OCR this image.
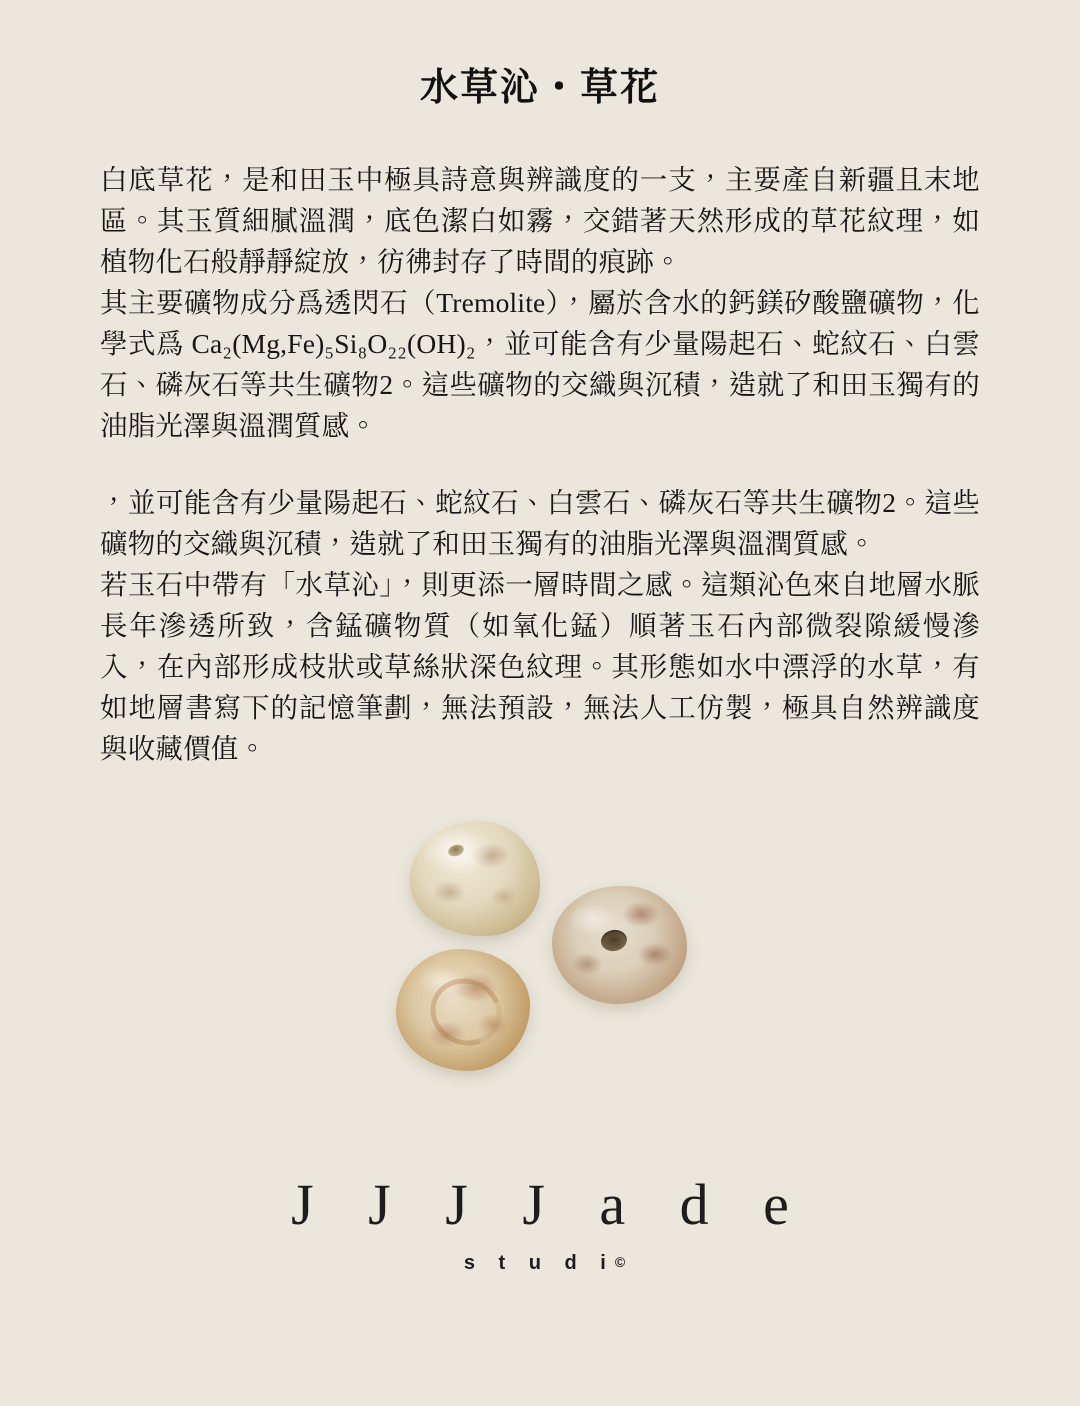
水草沁・草花

白底草花，是和田玉中極具詩意與辨識度的一支，主要產自新疆且末地區。其玉質細膩溫潤，底色潔白如霧，交錯著天然形成的草花紋理，如植物化石般靜靜綻放，彷彿封存了時間的痕跡。

其主要礦物成分爲透閃石（Tremolite），屬於含水的鈣鎂矽酸鹽礦物，化學式爲 Ca₂(Mg,Fe)₅Si₈O₂₂(OH)₂，並可能含有少量陽起石、蛇紋石、白雲石、磷灰石等共生礦物2。這些礦物的交織與沉積，造就了和田玉獨有的油脂光澤與溫潤質感。

，並可能含有少量陽起石、蛇紋石、白雲石、磷灰石等共生礦物2。這些礦物的交織與沉積，造就了和田玉獨有的油脂光澤與溫潤質感。

若玉石中帶有「水草沁」，則更添一層時間之感。這類沁色來自地層水脈長年滲透所致，含錳礦物質（如氧化錳）順著玉石內部微裂隙緩慢滲入，在內部形成枝狀或草絲狀深色紋理。其形態如水中漂浮的水草，有如地層書寫下的記憶筆劃，無法預設，無法人工仿製，極具自然辨識度與收藏價值。

J J J J a d e
s t u d i©
